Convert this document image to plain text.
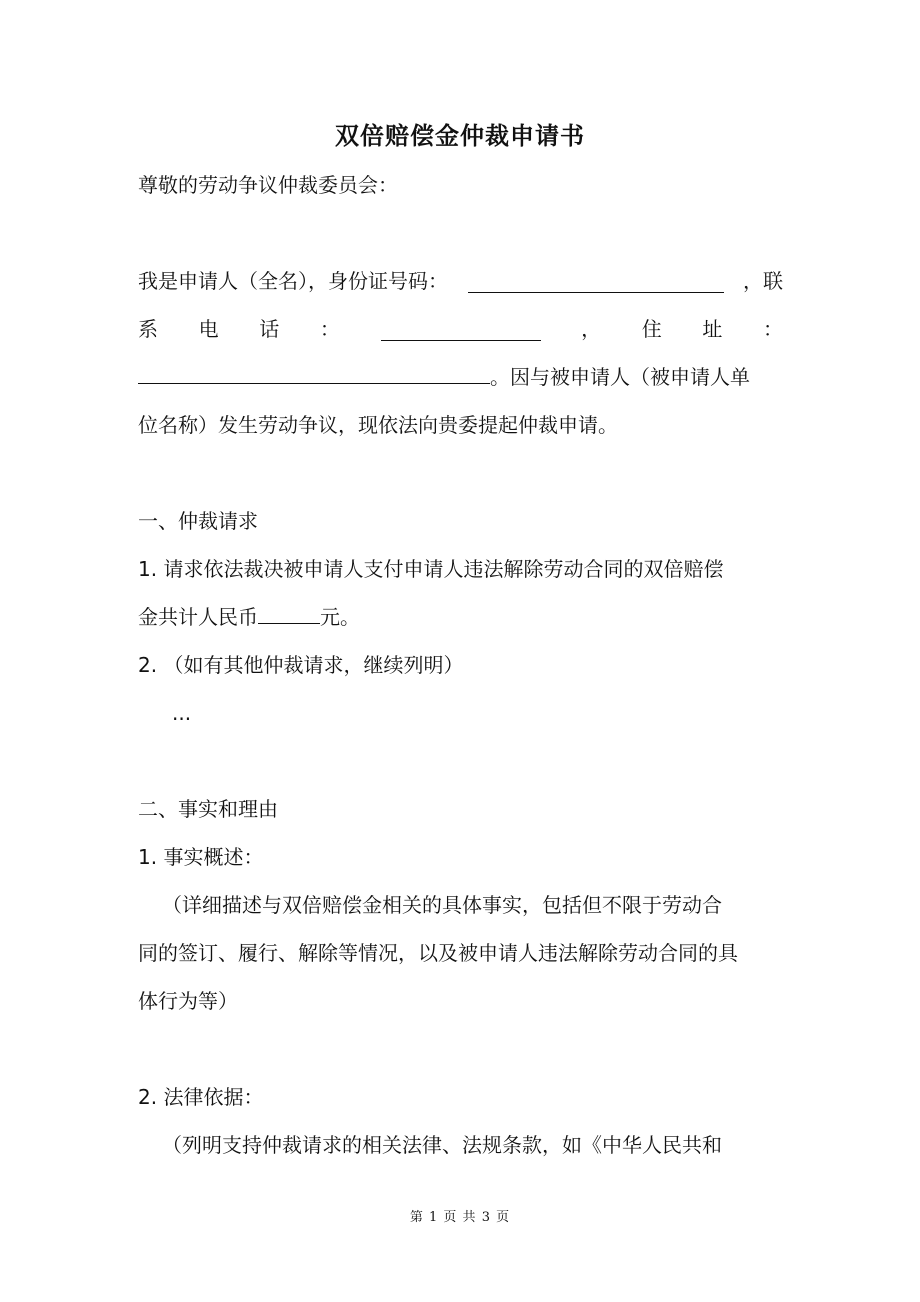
双倍赔偿金仲裁申请书
尊敬的劳动争议仲裁委员会：
我是申请人（全名），身份证号码：	，联
系 电 话 ：	， 住 址 ：
。因与被申请人（被申请人单
位名称）发生劳动争议，现依法向贵委提起仲裁申请。
一、仲裁请求
1. 请求依法裁决被申请人支付申请人违法解除劳动合同的双倍赔偿
金共计人民币	元。
2. （如有其他仲裁请求，继续列明）
...
二、事实和理由
1. 事实概述：
（详细描述与双倍赔偿金相关的具体事实，包括但不限于劳动合
同的签订、履行、解除等情况，以及被申请人违法解除劳动合同的具
体行为等）
2. 法律依据：
（列明支持仲裁请求的相关法律、法规条款，如《中华人民共和
第 1 页 共 3 页
